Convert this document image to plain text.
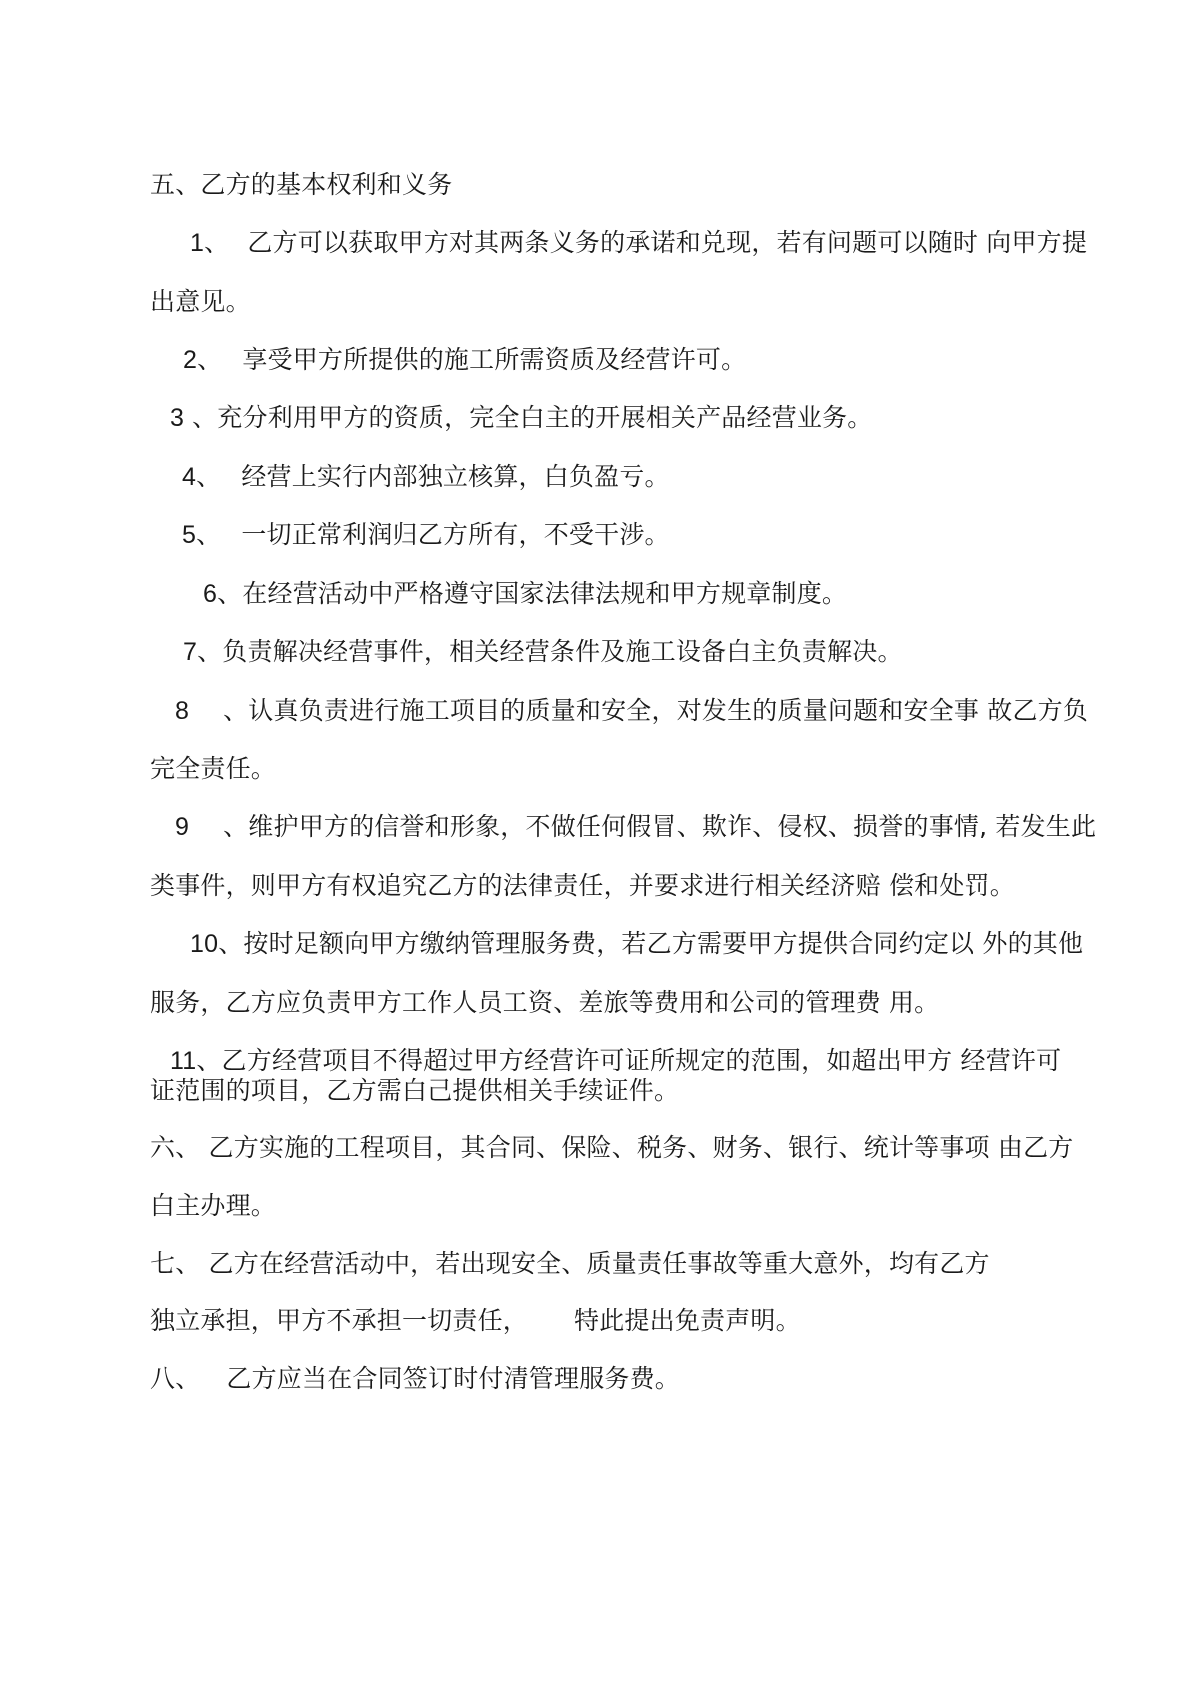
五、乙方的基本权利和义务
1、 乙方可以获取甲方对其两条义务的承诺和兑现，若有问题可以随时 向甲方提
出意见。
2、 享受甲方所提供的施工所需资质及经营许可。
3 、充分利用甲方的资质，完全白主的开展相关产品经营业务。
4、 经营上实行内部独立核算，白负盈亏。
5、 一切正常利润归乙方所有，不受干涉。
6、在经营活动中严格遵守国家法律法规和甲方规章制度。
7、负责解决经营事件，相关经营条件及施工设备白主负责解决。
8 、认真负责进行施工项目的质量和安全，对发生的质量问题和安全事 故乙方负
完全责任。
9 、维护甲方的信誉和形象，不做任何假冒、欺诈、侵权、损誉的事情, 若发生此
类事件，则甲方有权追究乙方的法律责任，并要求进行相关经济赔 偿和处罚。
10、按时足额向甲方缴纳管理服务费，若乙方需要甲方提供合同约定以 外的其他
服务，乙方应负责甲方工作人员工资、差旅等费用和公司的管理费 用。
11、乙方经营项目不得超过甲方经营许可证所规定的范围，如超出甲方 经营许可
证范围的项目，乙方需白己提供相关手续证件。
六、 乙方实施的工程项目，其合同、保险、税务、财务、银行、统计等事项 由乙方
白主办理。
七、 乙方在经营活动中，若出现安全、质量责任事故等重大意外，均有乙方
独立承担，甲方不承担一切责任， 特此提出免责声明。
八、 乙方应当在合同签订时付清管理服务费。
